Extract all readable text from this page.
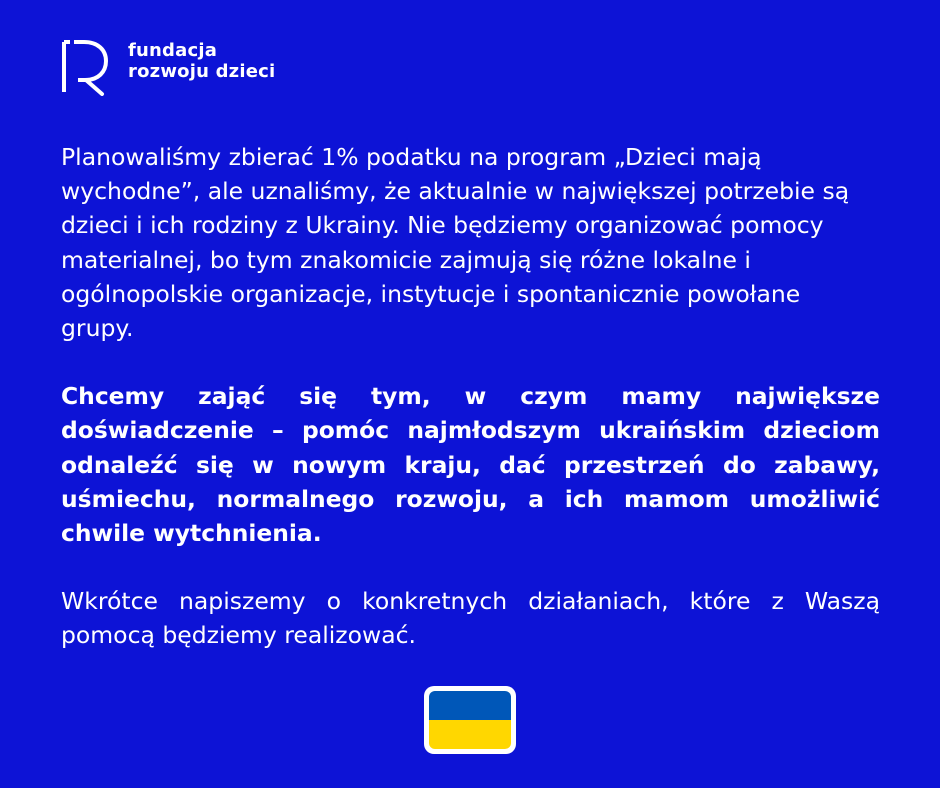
fundacja
rozwoju dzieci

Planowaliśmy zbierać 1% podatku na program „Dzieci mają wychodne”, ale uznaliśmy, że aktualnie w największej potrzebie są dzieci i ich rodziny z Ukrainy. Nie będziemy organizować pomocy materialnej, bo tym znakomicie zajmują się różne lokalne i ogólnopolskie organizacje, instytucje i spontanicznie powołane grupy.

Chcemy zająć się tym, w czym mamy największe doświadczenie – pomóc najmłodszym ukraińskim dzieciom odnaleźć się w nowym kraju, dać przestrzeń do zabawy, uśmiechu, normalnego rozwoju, a ich mamom umożliwić chwile wytchnienia.

Wkrótce napiszemy o konkretnych działaniach, które z Waszą pomocą będziemy realizować.
